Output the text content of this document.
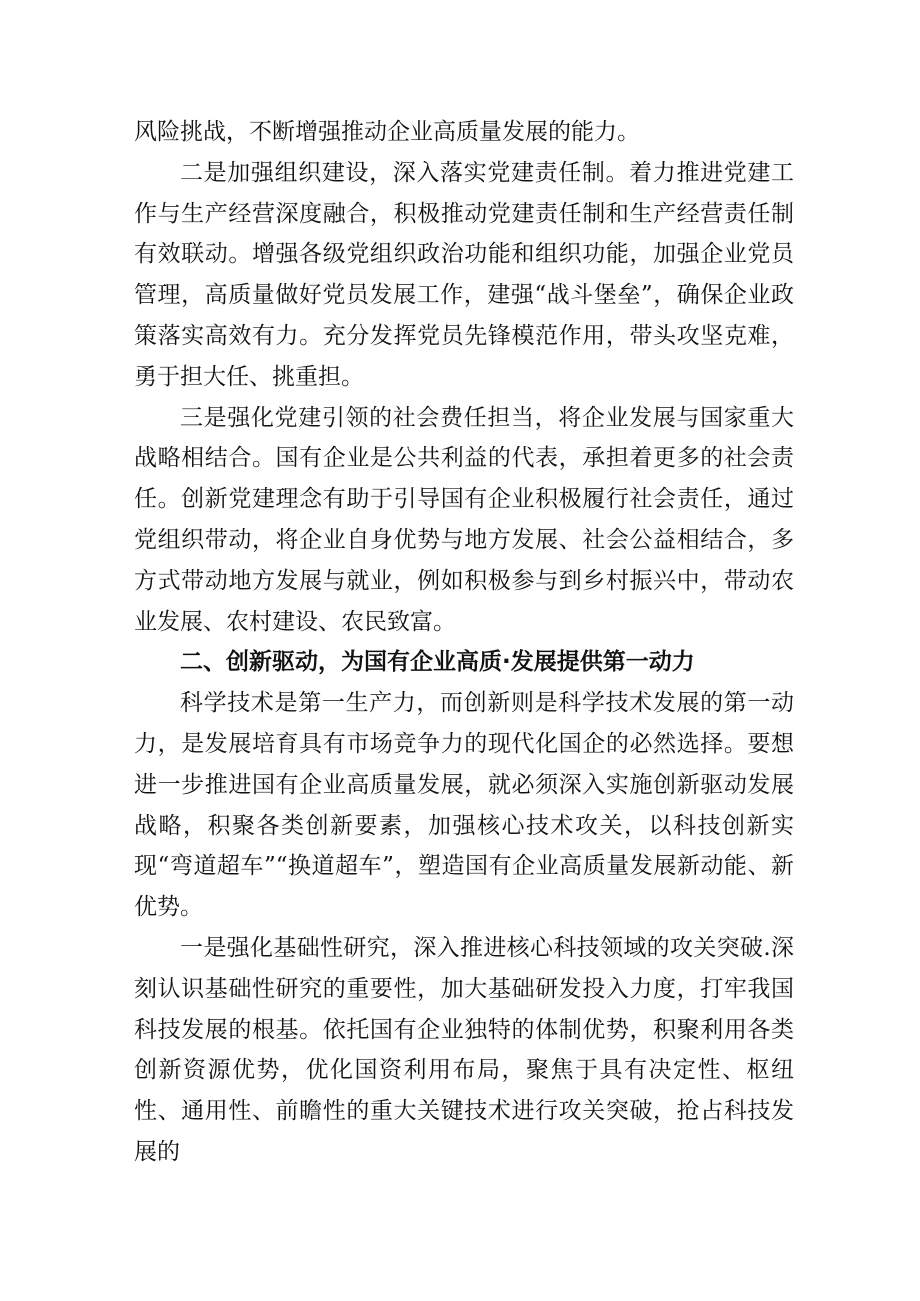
风险挑战，不断增强推动企业高质量发展的能力。

二是加强组织建设，深入落实党建责任制。着力推进党建工作与生产经营深度融合，积极推动党建责任制和生产经营责任制有效联动。增强各级党组织政治功能和组织功能，加强企业党员管理，高质量做好党员发展工作，建强“战斗堡垒”，确保企业政策落实高效有力。充分发挥党员先锋模范作用，带头攻坚克难，勇于担大任、挑重担。

三是强化党建引领的社会费任担当，将企业发展与国家重大战略相结合。国有企业是公共利益的代表，承担着更多的社会责任。创新党建理念有助于引导国有企业积极履行社会责任，通过党组织带动，将企业自身优势与地方发展、社会公益相结合，多方式带动地方发展与就业，例如积极参与到乡村振兴中，带动农业发展、农村建设、农民致富。

二、创新驱动，为国有企业高质·发展提供第一动力

科学技术是第一生产力，而创新则是科学技术发展的第一动力，是发展培育具有市场竞争力的现代化国企的必然选择。要想进一步推进国有企业高质量发展，就必须深入实施创新驱动发展战略，积聚各类创新要素，加强核心技术攻关，以科技创新实现“弯道超车”“换道超车”，塑造国有企业高质量发展新动能、新优势。

一是强化基础性研究，深入推进核心科技领域的攻关突破.深刻认识基础性研究的重要性，加大基础研发投入力度，打牢我国科技发展的根基。依托国有企业独特的体制优势，积聚利用各类创新资源优势，优化国资利用布局，聚焦于具有决定性、枢纽性、通用性、前瞻性的重大关键技术进行攻关突破，抢占科技发展的
